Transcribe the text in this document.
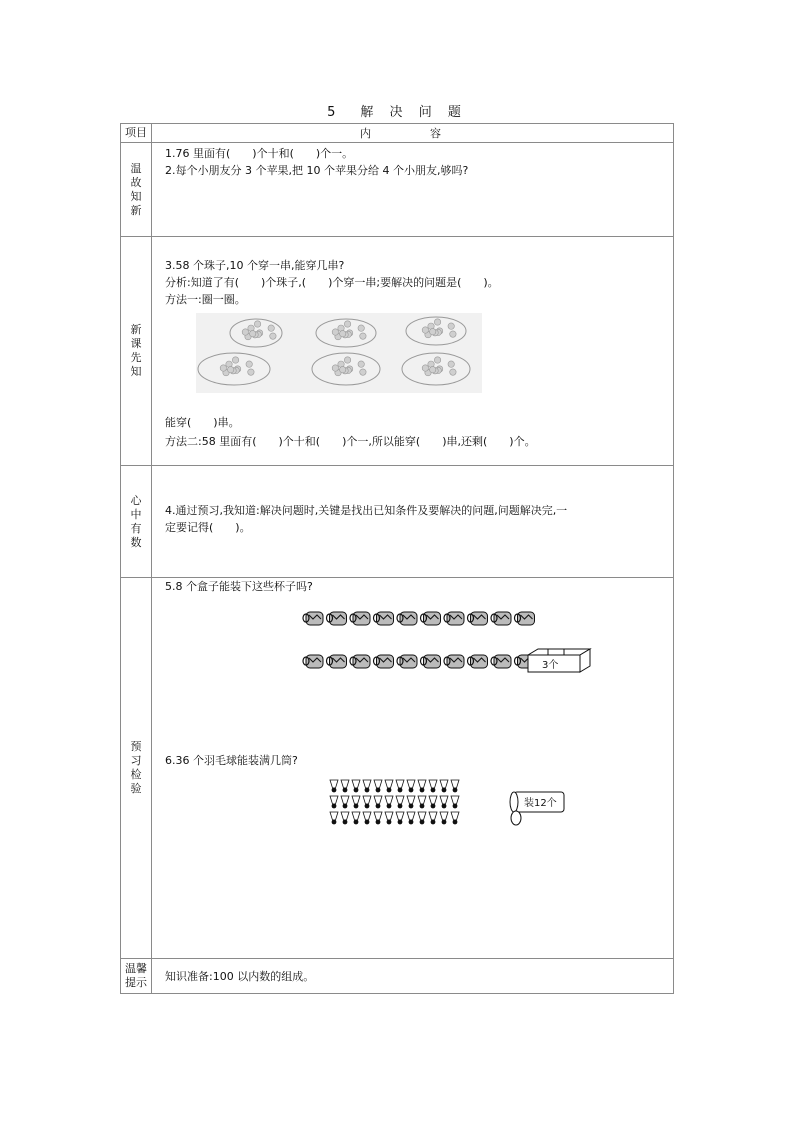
5　解 决 问 题
项目	内　容
温故知新	1.76 里面有( )个十和( )个一。
2.每个小朋友分 3 个苹果,把 10 个苹果分给 4 个小朋友,够吗?

新课先知	3.58 个珠子,10 个穿一串,能穿几串?
分析:知道了有( )个珠子,( )个穿一串;要解决的问题是( )。
方法一:圈一圈。
能穿( )串。
方法二:58 里面有( )个十和( )个一,所以能穿( )串,还剩( )个。

心中有数	4.通过预习,我知道:解决问题时,关键是找出已知条件及要解决的问题,问题解决完,一
定要记得( )。

预习检验	5.8 个盒子能装下这些杯子吗?
3个
6.36 个羽毛球能装满几筒?
装12个

温馨提示	知识准备:100 以内数的组成。
